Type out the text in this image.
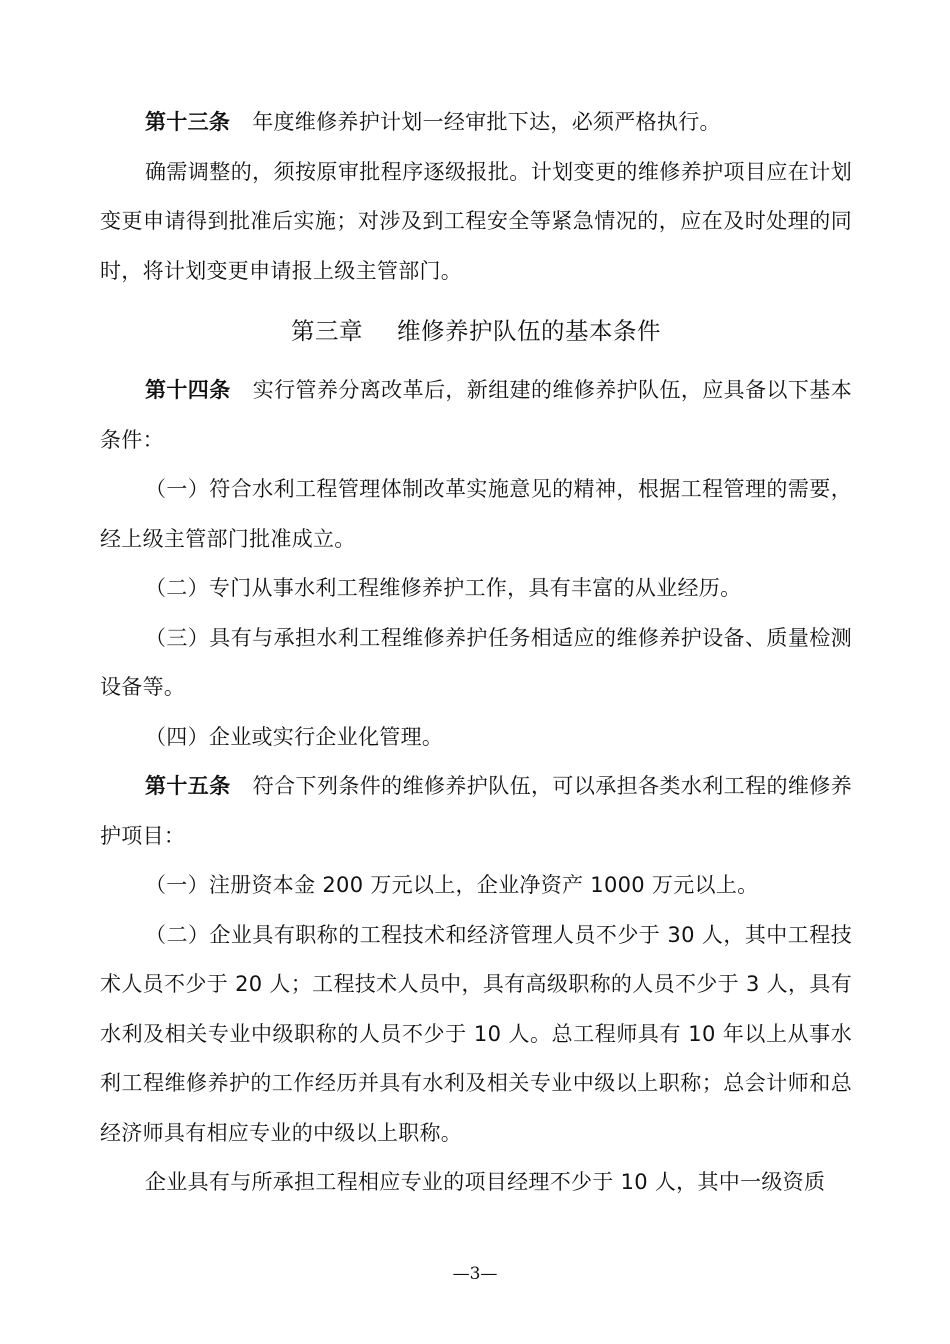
第十三条 年度维修养护计划一经审批下达，必须严格执行。

确需调整的，须按原审批程序逐级报批。计划变更的维修养护项目应在计划变更申请得到批准后实施；对涉及到工程安全等紧急情况的，应在及时处理的同时，将计划变更申请报上级主管部门。

第三章 维修养护队伍的基本条件

第十四条 实行管养分离改革后，新组建的维修养护队伍，应具备以下基本条件：

（一）符合水利工程管理体制改革实施意见的精神，根据工程管理的需要，经上级主管部门批准成立。

（二）专门从事水利工程维修养护工作，具有丰富的从业经历。

（三）具有与承担水利工程维修养护任务相适应的维修养护设备、质量检测设备等。

（四）企业或实行企业化管理。

第十五条 符合下列条件的维修养护队伍，可以承担各类水利工程的维修养护项目：

（一）注册资本金 200 万元以上，企业净资产 1000 万元以上。

（二）企业具有职称的工程技术和经济管理人员不少于 30 人，其中工程技术人员不少于 20 人；工程技术人员中，具有高级职称的人员不少于 3 人，具有水利及相关专业中级职称的人员不少于 10 人。总工程师具有 10 年以上从事水利工程维修养护的工作经历并具有水利及相关专业中级以上职称；总会计师和总经济师具有相应专业的中级以上职称。

企业具有与所承担工程相应专业的项目经理不少于 10 人，其中一级资质

—3—
